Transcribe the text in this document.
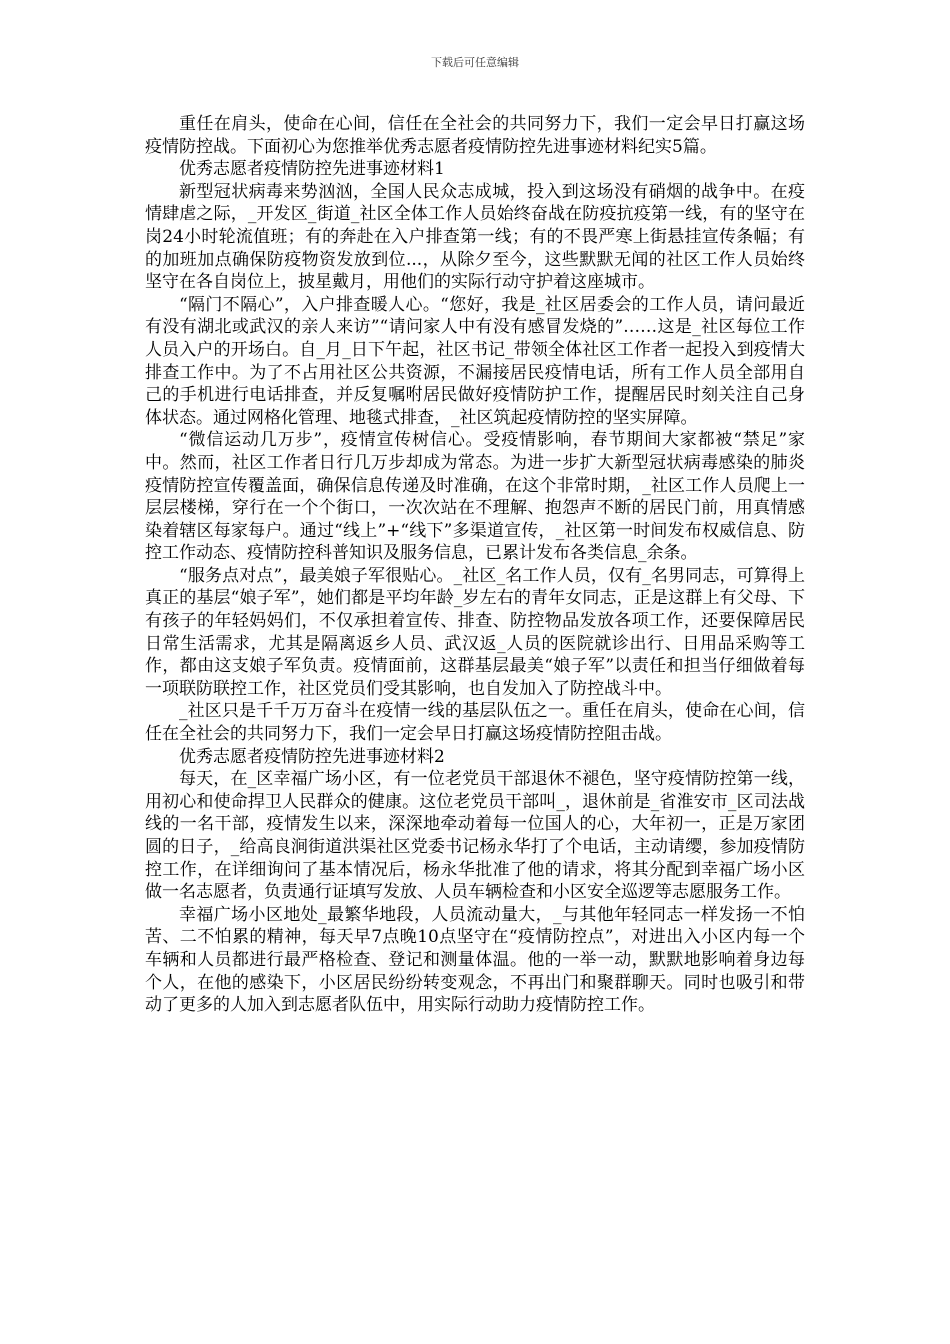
下载后可任意编辑

重任在肩头，使命在心间，信任在全社会的共同努力下，我们一定会早日打赢这场疫情防控战。下面初心为您推举优秀志愿者疫情防控先进事迹材料纪实5篇。

优秀志愿者疫情防控先进事迹材料1

新型冠状病毒来势汹汹，全国人民众志成城，投入到这场没有硝烟的战争中。在疫情肆虐之际，_开发区_街道_社区全体工作人员始终奋战在防疫抗疫第一线，有的坚守在岗24小时轮流值班；有的奔赴在入户排查第一线；有的不畏严寒上街悬挂宣传条幅；有的加班加点确保防疫物资发放到位...，从除夕至今，这些默默无闻的社区工作人员始终坚守在各自岗位上，披星戴月，用他们的实际行动守护着这座城市。

“隔门不隔心”，入户排查暖人心。“您好，我是_社区居委会的工作人员，请问最近有没有湖北或武汉的亲人来访”“请问家人中有没有感冒发烧的”……这是_社区每位工作人员入户的开场白。自_月_日下午起，社区书记_带领全体社区工作者一起投入到疫情大排查工作中。为了不占用社区公共资源，不漏接居民疫情电话，所有工作人员全部用自己的手机进行电话排查，并反复嘱咐居民做好疫情防护工作，提醒居民时刻关注自己身体状态。通过网格化管理、地毯式排查，_社区筑起疫情防控的坚实屏障。

“微信运动几万步”，疫情宣传树信心。受疫情影响，春节期间大家都被“禁足”家中。然而，社区工作者日行几万步却成为常态。为进一步扩大新型冠状病毒感染的肺炎疫情防控宣传覆盖面，确保信息传递及时准确，在这个非常时期，_社区工作人员爬上一层层楼梯，穿行在一个个街口，一次次站在不理解、抱怨声不断的居民门前，用真情感染着辖区每家每户。通过“线上”+“线下”多渠道宣传，_社区第一时间发布权威信息、防控工作动态、疫情防控科普知识及服务信息，已累计发布各类信息_余条。

“服务点对点”，最美娘子军很贴心。_社区_名工作人员，仅有_名男同志，可算得上真正的基层“娘子军”，她们都是平均年龄_岁左右的青年女同志，正是这群上有父母、下有孩子的年轻妈妈们，不仅承担着宣传、排查、防控物品发放各项工作，还要保障居民日常生活需求，尤其是隔离返乡人员、武汉返_人员的医院就诊出行、日用品采购等工作，都由这支娘子军负责。疫情面前，这群基层最美“娘子军”以责任和担当仔细做着每一项联防联控工作，社区党员们受其影响，也自发加入了防控战斗中。

_社区只是千千万万奋斗在疫情一线的基层队伍之一。重任在肩头，使命在心间，信任在全社会的共同努力下，我们一定会早日打赢这场疫情防控阻击战。

优秀志愿者疫情防控先进事迹材料2

每天，在_区幸福广场小区，有一位老党员干部退休不褪色，坚守疫情防控第一线，用初心和使命捍卫人民群众的健康。这位老党员干部叫_，退休前是_省淮安市_区司法战线的一名干部，疫情发生以来，深深地牵动着每一位国人的心，大年初一，正是万家团圆的日子，_给高良涧街道洪渠社区党委书记杨永华打了个电话，主动请缨，参加疫情防控工作，在详细询问了基本情况后，杨永华批准了他的请求，将其分配到幸福广场小区做一名志愿者，负责通行证填写发放、人员车辆检查和小区安全巡逻等志愿服务工作。

幸福广场小区地处_最繁华地段，人员流动量大，_与其他年轻同志一样发扬一不怕苦、二不怕累的精神，每天早7点晚10点坚守在“疫情防控点”，对进出入小区内每一个车辆和人员都进行最严格检查、登记和测量体温。他的一举一动，默默地影响着身边每个人，在他的感染下，小区居民纷纷转变观念，不再出门和聚群聊天。同时也吸引和带动了更多的人加入到志愿者队伍中，用实际行动助力疫情防控工作。
